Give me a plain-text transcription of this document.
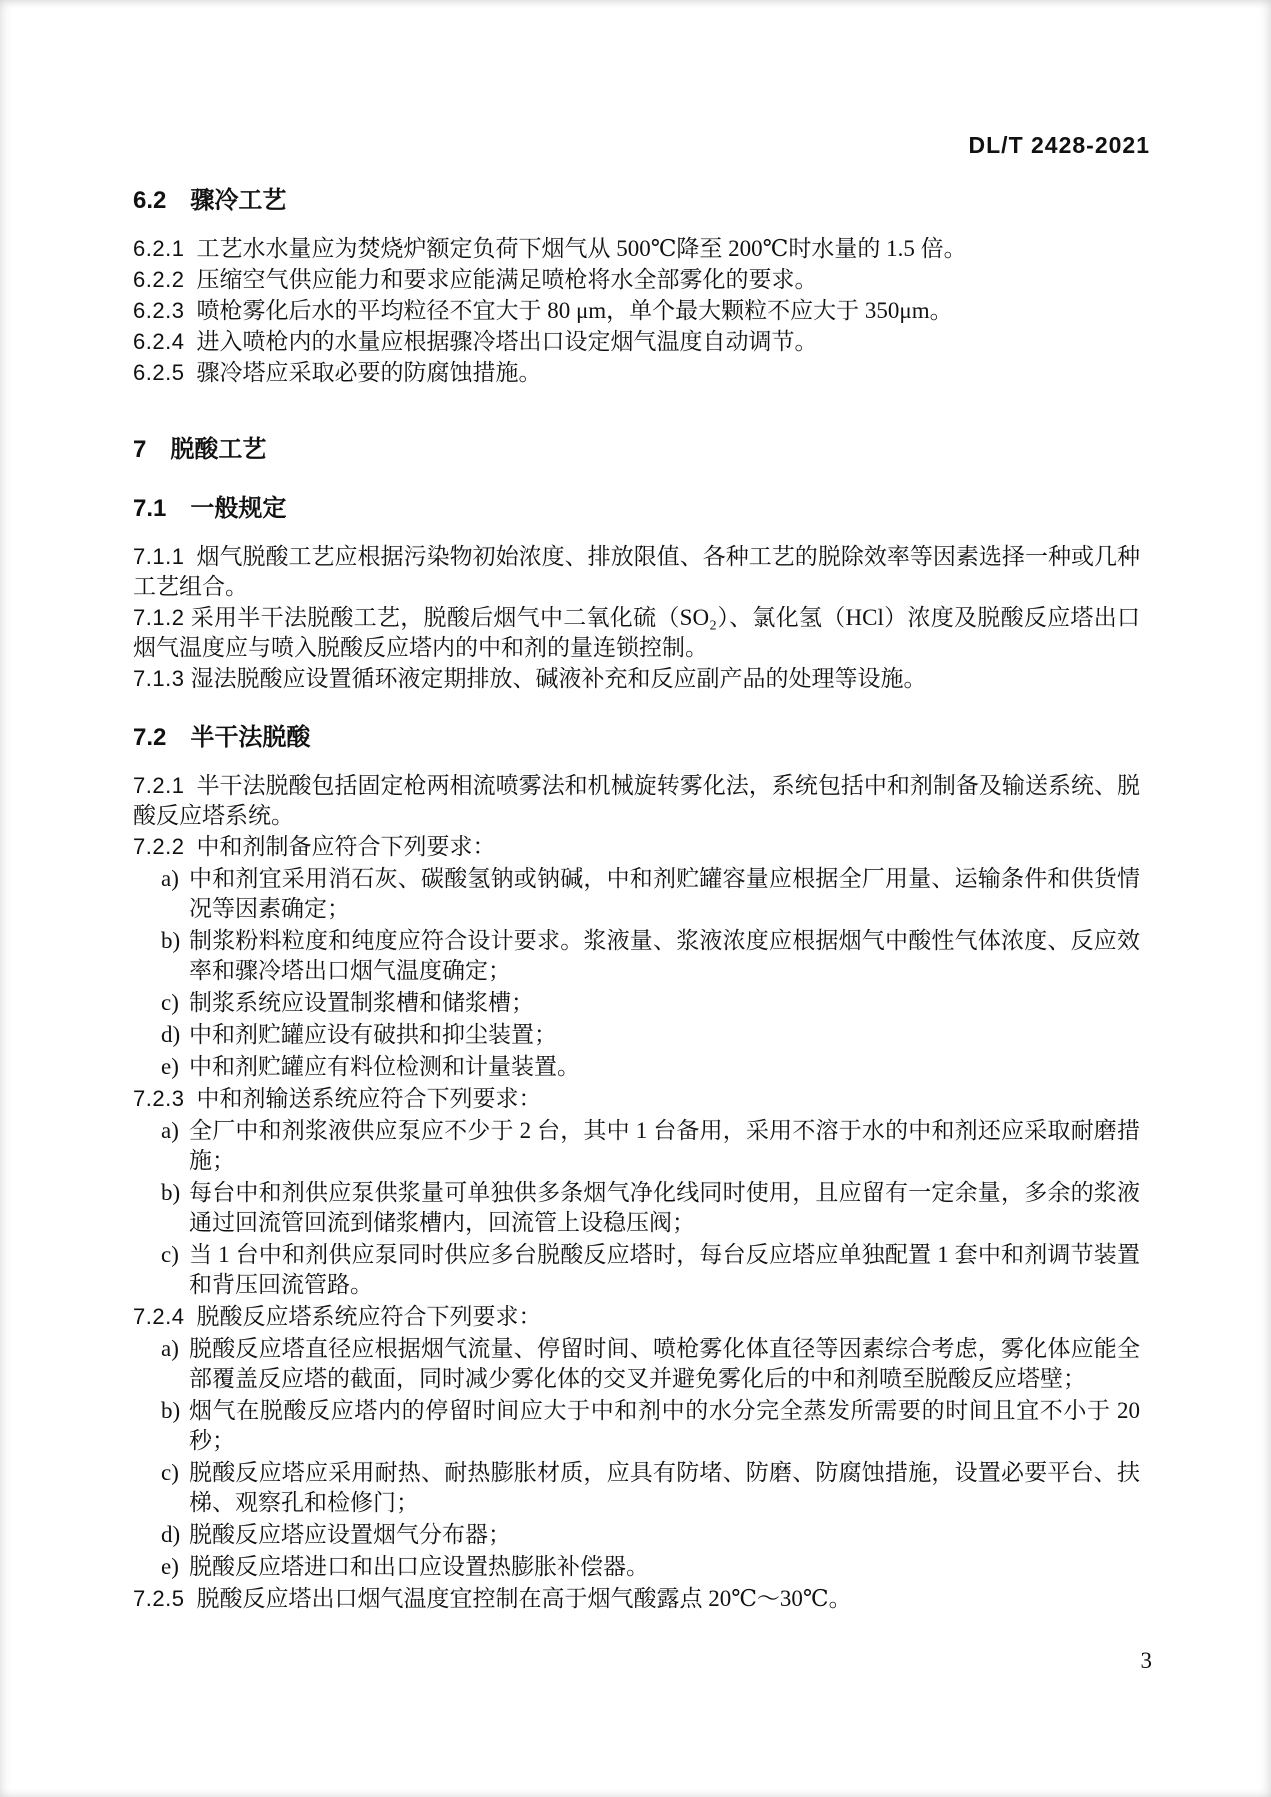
DL/T 2428-2021
6.2 骤冷工艺

6.2.1 工艺水水量应为焚烧炉额定负荷下烟气从 500℃降至 200℃时水量的 1.5 倍。

6.2.2 压缩空气供应能力和要求应能满足喷枪将水全部雾化的要求。

6.2.3 喷枪雾化后水的平均粒径不宜大于 80 μm，单个最大颗粒不应大于 350μm。

6.2.4 进入喷枪内的水量应根据骤冷塔出口设定烟气温度自动调节。

6.2.5 骤冷塔应采取必要的防腐蚀措施。

7 脱酸工艺
7.1 一般规定

7.1.1 烟气脱酸工艺应根据污染物初始浓度、排放限值、各种工艺的脱除效率等因素选择一种或几种工艺组合。

7.1.2 采用半干法脱酸工艺，脱酸后烟气中二氧化硫（SO₂）、氯化氢（HCl）浓度及脱酸反应塔出口烟气温度应与喷入脱酸反应塔内的中和剂的量连锁控制。

7.1.3 湿法脱酸应设置循环液定期排放、碱液补充和反应副产品的处理等设施。

7.2 半干法脱酸

7.2.1 半干法脱酸包括固定枪两相流喷雾法和机械旋转雾化法，系统包括中和剂制备及输送系统、脱酸反应塔系统。

7.2.2 中和剂制备应符合下列要求：

a) 中和剂宜采用消石灰、碳酸氢钠或钠碱，中和剂贮罐容量应根据全厂用量、运输条件和供货情况等因素确定；
b) 制浆粉料粒度和纯度应符合设计要求。浆液量、浆液浓度应根据烟气中酸性气体浓度、反应效率和骤冷塔出口烟气温度确定；
c) 制浆系统应设置制浆槽和储浆槽；
d) 中和剂贮罐应设有破拱和抑尘装置；
e) 中和剂贮罐应有料位检测和计量装置。

7.2.3 中和剂输送系统应符合下列要求：

a) 全厂中和剂浆液供应泵应不少于 2 台，其中 1 台备用，采用不溶于水的中和剂还应采取耐磨措施；
b) 每台中和剂供应泵供浆量可单独供多条烟气净化线同时使用，且应留有一定余量，多余的浆液通过回流管回流到储浆槽内，回流管上设稳压阀；
c) 当 1 台中和剂供应泵同时供应多台脱酸反应塔时，每台反应塔应单独配置 1 套中和剂调节装置和背压回流管路。

7.2.4 脱酸反应塔系统应符合下列要求：

a) 脱酸反应塔直径应根据烟气流量、停留时间、喷枪雾化体直径等因素综合考虑，雾化体应能全部覆盖反应塔的截面，同时减少雾化体的交叉并避免雾化后的中和剂喷至脱酸反应塔壁；
b) 烟气在脱酸反应塔内的停留时间应大于中和剂中的水分完全蒸发所需要的时间且宜不小于 20 秒；
c) 脱酸反应塔应采用耐热、耐热膨胀材质，应具有防堵、防磨、防腐蚀措施，设置必要平台、扶梯、观察孔和检修门；
d) 脱酸反应塔应设置烟气分布器；
e) 脱酸反应塔进口和出口应设置热膨胀补偿器。

7.2.5 脱酸反应塔出口烟气温度宜控制在高于烟气酸露点 20℃～30℃。

3
